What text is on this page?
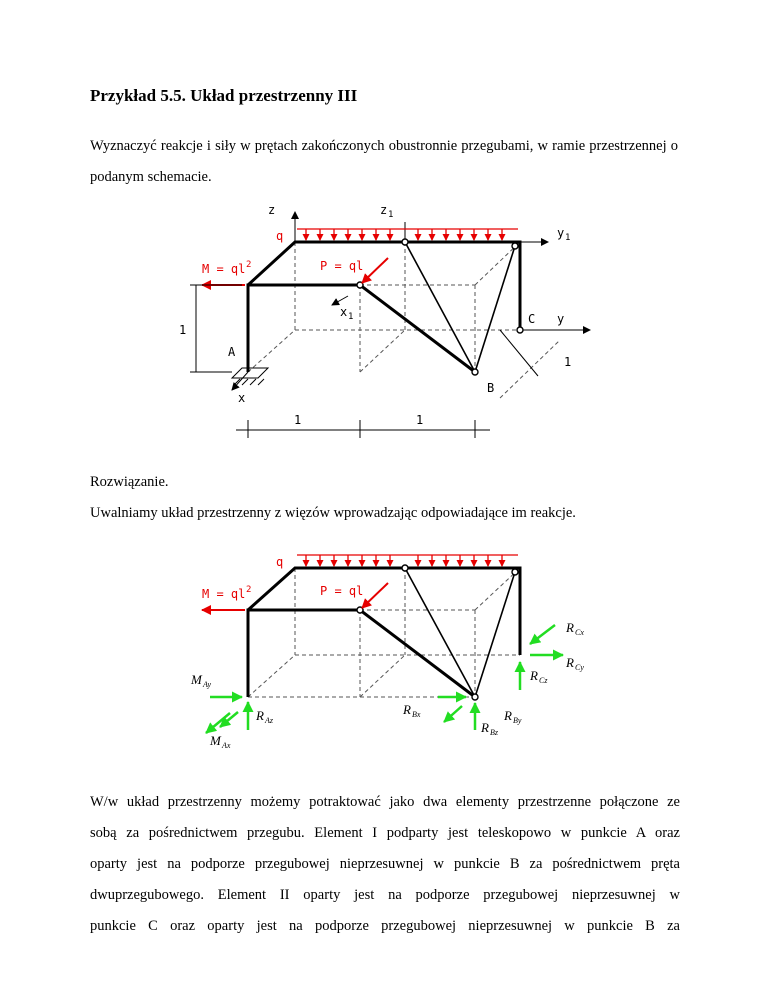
Przykład 5.5. Układ przestrzenny III

Wyznaczyć reakcje i siły w prętach zakończonych obustronnie przegubami, w ramie przestrzennej o podanym schemacie.

z	z 1
y 1
q
M = ql 2	P = ql
x 1	C y
A
B
x
1
1
1	1

Rozwiązanie.

Uwalniamy układ przestrzenny z więzów wprowadzając odpowiadające im reakcje.

R Cx
R Cy
R Cz
M Ay
R Az
M Ax
R Bx	R By
R Bz
q
M = ql 2	P = ql
W/w układ przestrzenny możemy potraktować jako dwa elementy przestrzenne połączone ze
sobą za pośrednictwem przegubu. Element I podparty jest teleskopowo w punkcie A oraz
oparty jest na podporze przegubowej nieprzesuwnej w punkcie B za pośrednictwem pręta
dwuprzegubowego. Element II oparty jest na podporze przegubowej nieprzesuwnej w
punkcie C oraz oparty jest na podporze przegubowej nieprzesuwnej w punkcie B za
